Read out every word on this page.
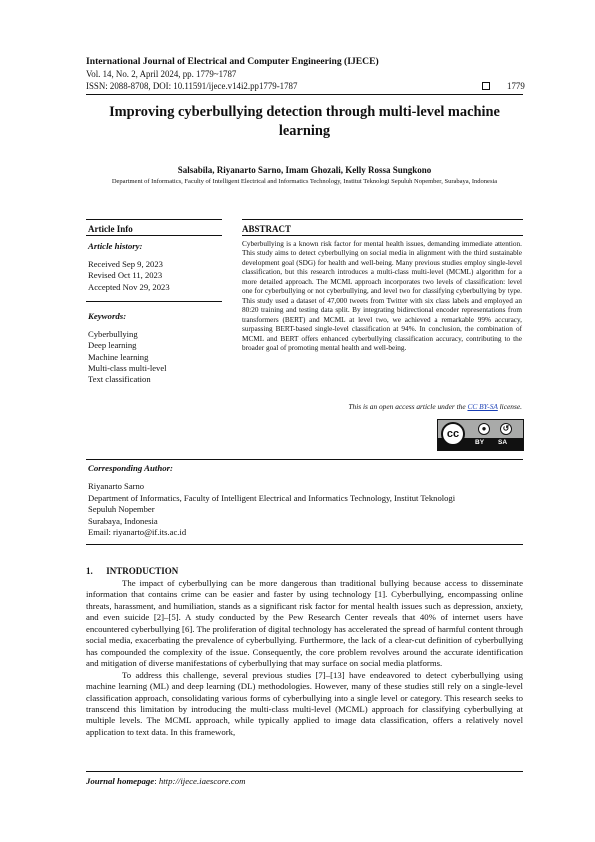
International Journal of Electrical and Computer Engineering (IJECE)
Vol. 14, No. 2, April 2024, pp. 1779~1787
ISSN: 2088-8708, DOI: 10.11591/ijece.v14i2.pp1779-1787	1779
Improving cyberbullying detection through multi-level machine learning
Salsabila, Riyanarto Sarno, Imam Ghozali, Kelly Rossa Sungkono
Department of Informatics, Faculty of Intelligent Electrical and Informatics Technology, Institut Teknologi Sepuluh Nopember, Surabaya, Indonesia
Article Info	ABSTRACT
Article history:
Received Sep 9, 2023
Revised Oct 11, 2023
Accepted Nov 29, 2023
Keywords:
Cyberbullying
Deep learning
Machine learning
Multi-class multi-level
Text classification
Cyberbullying is a known risk factor for mental health issues, demanding immediate attention. This study aims to detect cyberbullying on social media in alignment with the third sustainable development goal (SDG) for health and well-being. Many previous studies employ single-level classification, but this research introduces a multi-class multi-level (MCML) algorithm for a more detailed approach. The MCML approach incorporates two levels of classification: level one for cyberbullying or not cyberbullying, and level two for classifying cyberbullying by type. This study used a dataset of 47,000 tweets from Twitter with six class labels and employed an 80:20 training and testing data split. By integrating bidirectional encoder representations from transformers (BERT) and MCML at level two, we achieved a remarkable 99% accuracy, surpassing BERT-based single-level classification at 94%. In conclusion, the combination of MCML and BERT offers enhanced cyberbullying classification accuracy, contributing to the broader goal of promoting mental health and well-being.
This is an open access article under the CC BY-SA license.
cc	●	↺
BY SA
Corresponding Author:
Riyanarto Sarno
Department of Informatics, Faculty of Intelligent Electrical and Informatics Technology, Institut Teknologi
Sepuluh Nopember
Surabaya, Indonesia
Email: riyanarto@if.its.ac.id
1.      INTRODUCTION

The impact of cyberbullying can be more dangerous than traditional bullying because access to disseminate information that contains crime can be easier and faster by using technology [1]. Cyberbullying, encompassing online threats, harassment, and humiliation, stands as a significant risk factor for mental health issues such as depression, anxiety, and even suicide [2]–[5]. A study conducted by the Pew Research Center reveals that 40% of internet users have encountered cyberbullying [6]. The proliferation of digital technology has accelerated the spread of harmful content through social media, exacerbating the prevalence of cyberbullying. Furthermore, the lack of a clear-cut definition of cyberbullying has compounded the complexity of the issue. Consequently, the core problem revolves around the accurate identification and mitigation of diverse manifestations of cyberbullying that may surface on social media platforms.

To address this challenge, several previous studies [7]–[13] have endeavored to detect cyberbullying using machine learning (ML) and deep learning (DL) methodologies. However, many of these studies still rely on a single-level classification approach, consolidating various forms of cyberbullying into a single level or category. This research seeks to transcend this limitation by introducing the multi-class multi-level (MCML) approach for classifying cyberbullying at multiple levels. The MCML approach, while typically applied to image data classification, offers a relatively novel application to text data. In this framework,

Journal homepage: http://ijece.iaescore.com
